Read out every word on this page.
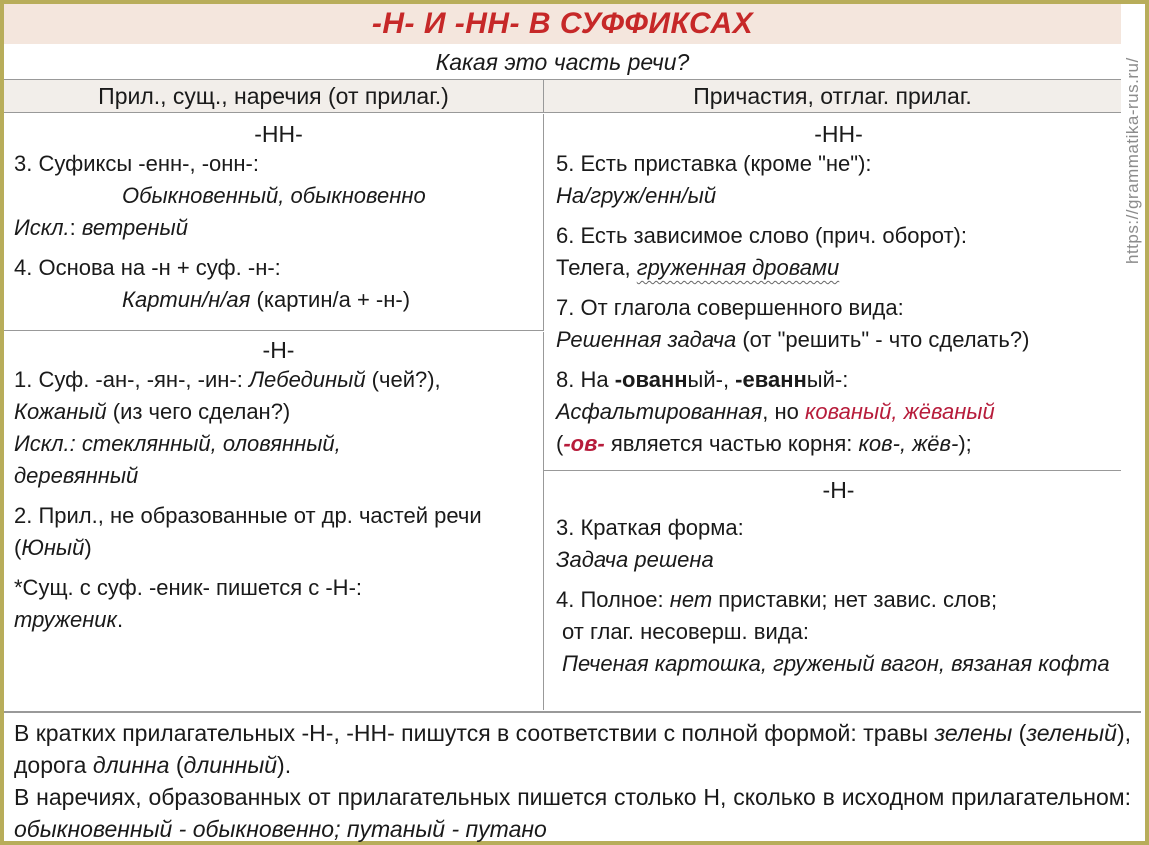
-Н- И -НН- В СУФФИКСАХ
Какая это часть речи?
Прил., сущ., наречия (от прилаг.)	Причастия, отглаг. прилаг.
-НН-

3. Суфиксы -енн-, -онн-:

Обыкновенный, обыкновенно

Искл.: ветреный

4. Основа на -н + суф. -н-:

Картин/н/ая (картин/а + -н-)

-Н-

1. Суф. -ан-, -ян-, -ин-: Лебединый (чей?),

Кожаный (из чего сделан?)

Искл.: стеклянный, оловянный, деревянный

2. Прил., не образованные от др. частей речи (Юный)

*Сущ. с суф. -еник- пишется с -Н-:

труженик.

-НН-

5. Есть приставка (кроме "не"):

На/груж/енн/ый

6. Есть зависимое слово (прич. оборот):

Телега, груженная дровами

7. От глагола совершенного вида:

Решенная задача (от "решить" - что сделать?)

8. На -ованный-, -еванный-:

Асфальтированная, но кованый, жёваный

(-ов- является частью корня: ков-, жёв-);

-Н-

3. Краткая форма:

Задача решена

4. Полное: нет приставки; нет завис. слов;

от глаг. несоверш. вида:

Печеная картошка, груженый вагон, вязаная кофта

В кратких прилагательных -Н-, -НН- пишутся в соответствии с полной формой: травы зелены (зеленый), дорога длинна (длинный).

В наречиях, образованных от прилагательных пишется столько Н, сколько в исходном прилагательном: обыкновенный - обыкновенно; путаный - путано

https://grammatika-rus.ru/
